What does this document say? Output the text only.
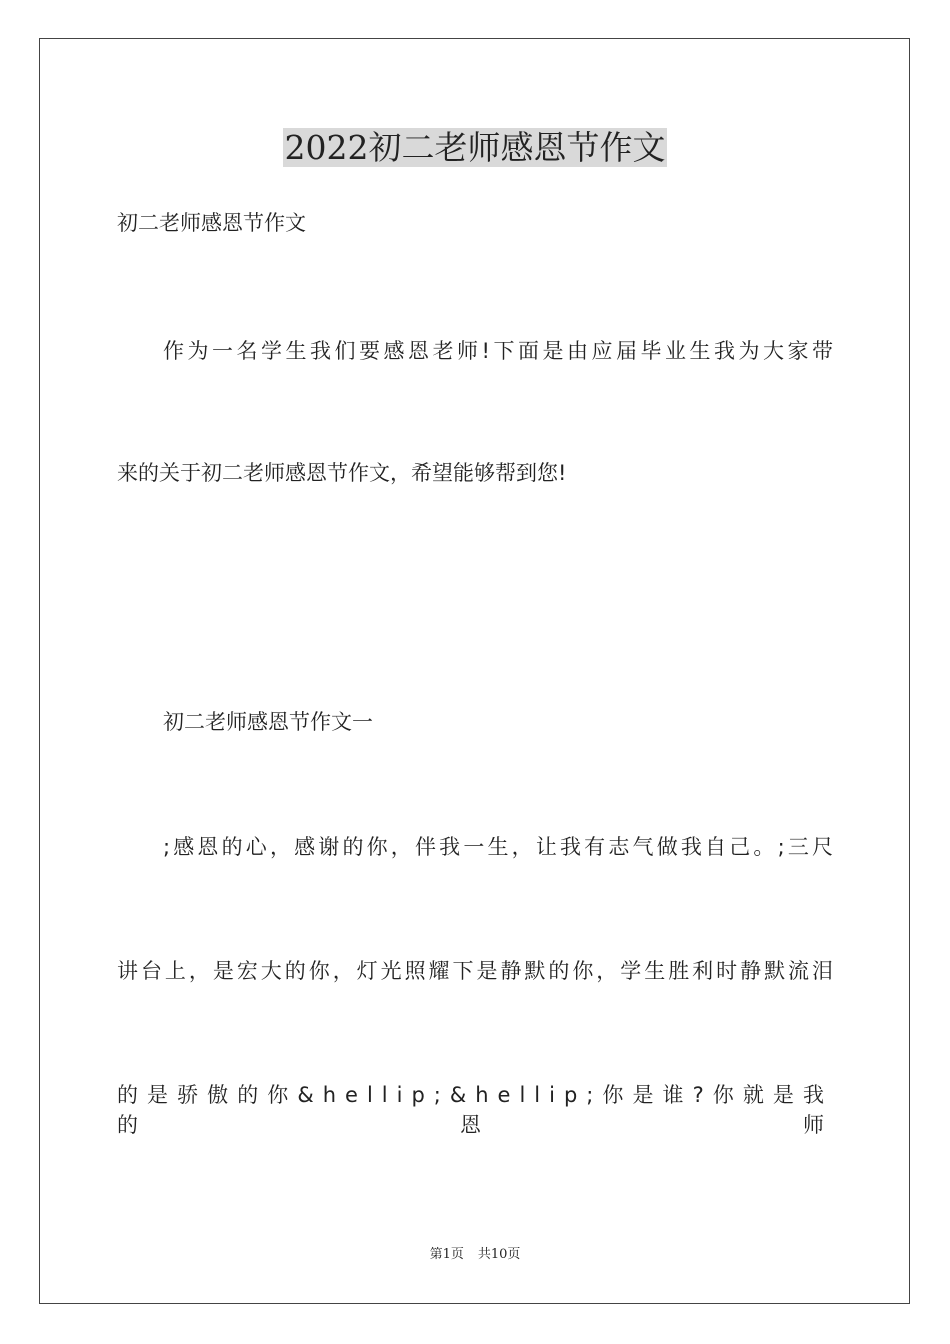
2022初二老师感恩节作文
初二老师感恩节作文
作为一名学生我们要感恩老师!下面是由应届毕业生我为大家带
来的关于初二老师感恩节作文，希望能够帮到您!
初二老师感恩节作文一
;感恩的心，感谢的你，伴我一生，让我有志气做我自己。;三尺
讲台上，是宏大的你，灯光照耀下是静默的你，学生胜利时静默流泪
的是骄傲的你&hellip;&hellip;你是谁?你就是我的恩师
第1页 共10页
